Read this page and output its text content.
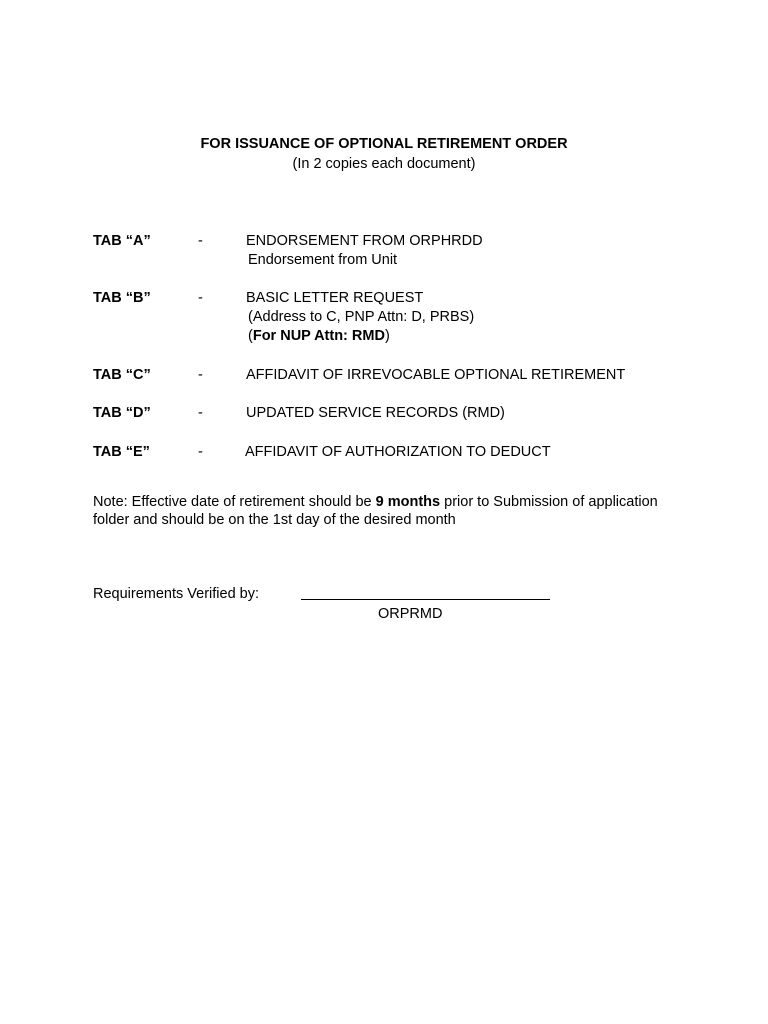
FOR ISSUANCE OF OPTIONAL RETIREMENT ORDER
(In 2 copies each document)
TAB “A”	-	ENDORSEMENT FROM ORPHRDD
Endorsement from Unit
TAB “B”	-	BASIC LETTER REQUEST
(Address to C, PNP Attn: D, PRBS)
(For NUP Attn: RMD)
TAB “C”	-	AFFIDAVIT OF IRREVOCABLE OPTIONAL RETIREMENT
TAB “D”	-	UPDATED SERVICE RECORDS (RMD)
TAB “E”	-	AFFIDAVIT OF AUTHORIZATION TO DEDUCT
Note: Effective date of retirement should be 9 months prior to Submission of application folder and should be on the 1st day of the desired month
Requirements Verified by:
ORPRMD
